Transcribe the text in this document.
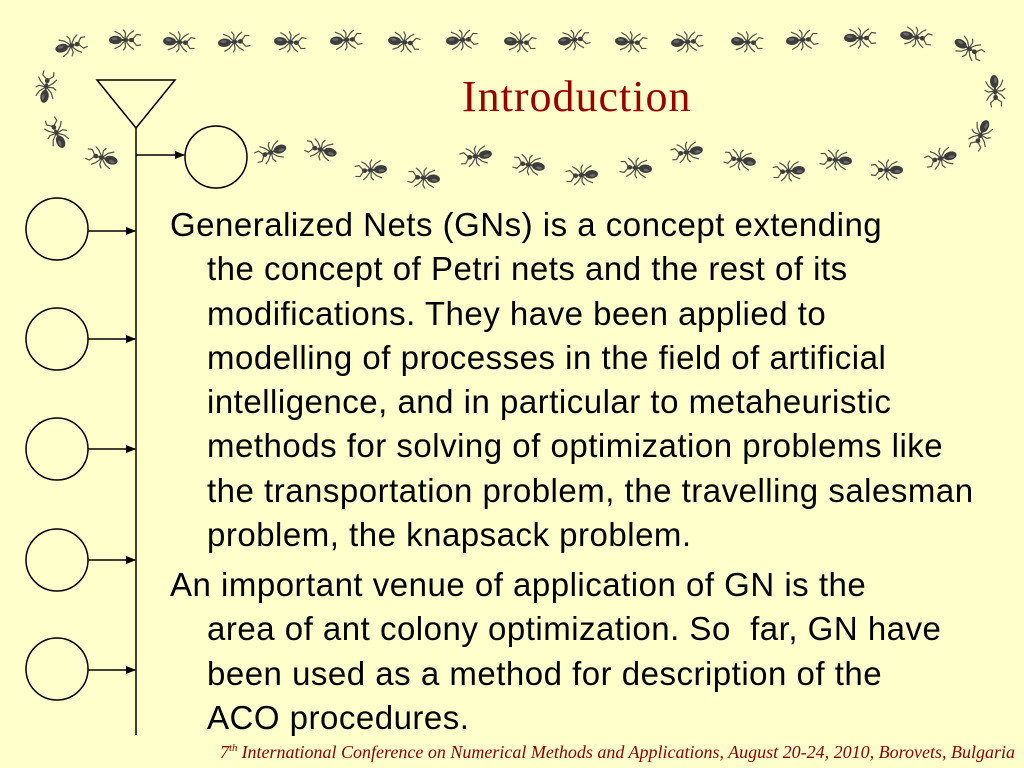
Introduction
Generalized Nets (GNs) is a concept extending
the concept of Petri nets and the rest of its
modifications. They have been applied to
modelling of processes in the field of artificial
intelligence, and in particular to metaheuristic
methods for solving of optimization problems like
the transportation problem, the travelling salesman
problem, the knapsack problem.
An important venue of application of GN is the
area of ant colony optimization. So  far, GN have
been used as a method for description of the
ACO procedures.
7th International Conference on Numerical Methods and Applications, August 20-24, 2010, Borovets, Bulgaria
